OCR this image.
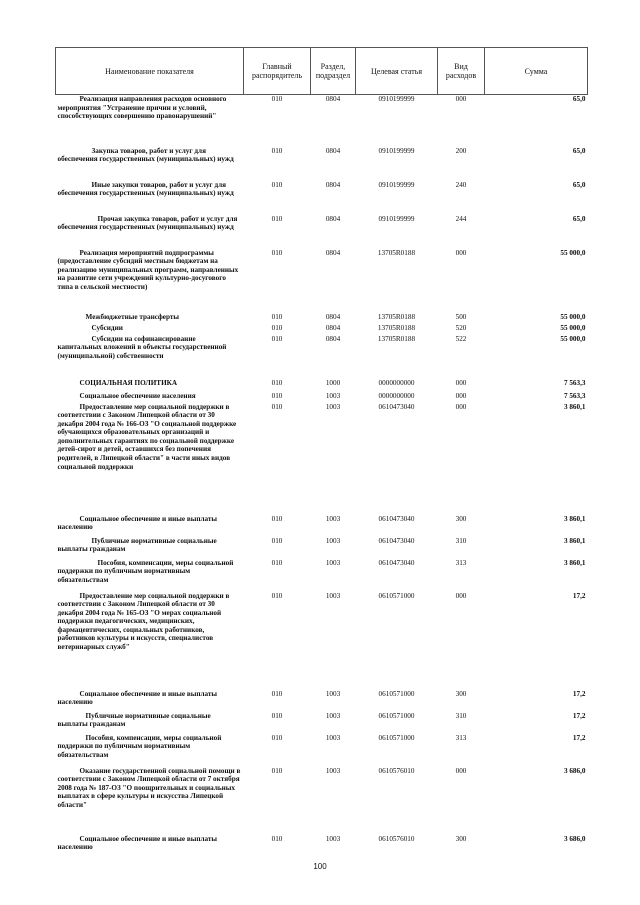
Наименование показателя	Главный распорядитель	Раздел, подраздел	Целевая статья	Вид расходов	Сумма
Реализация направления расходов основного мероприятия "Устранение причин и условий, способствующих совершению правонарушений"	010	0804	0910199999	000	65,0
Закупка товаров, работ и услуг для обеспечения государственных (муниципальных) нужд	010	0804	0910199999	200	65,0
Иные закупки товаров, работ и услуг для обеспечения государственных (муниципальных) нужд	010	0804	0910199999	240	65,0
Прочая закупка товаров, работ и услуг для обеспечения государственных (муниципальных) нужд	010	0804	0910199999	244	65,0
Реализация мероприятий подпрограммы (предоставление субсидий местным бюджетам на реализацию муниципальных программ, направленных на развитие сети учреждений культурно-досугового типа в сельской местности)	010	0804	13705R0188	000	55 000,0
Межбюджетные трансферты	010	0804	13705R0188	500	55 000,0
Субсидии	010	0804	13705R0188	520	55 000,0
Субсидии на софинансирование капитальных вложений в объекты государственной (муниципальной) собственности	010	0804	13705R0188	522	55 000,0
СОЦИАЛЬНАЯ ПОЛИТИКА	010	1000	0000000000	000	7 563,3
Социальное обеспечение населения	010	1003	0000000000	000	7 563,3
Предоставление мер социальной поддержки в соответствии с Законом Липецкой области от 30 декабря 2004 года № 166-ОЗ "О социальной поддержке обучающихся образовательных организаций и дополнительных гарантиях по социальной поддержке детей-сирот и детей, оставшихся без попечения родителей, в Липецкой области" в части иных видов социальной поддержки	010	1003	0610473040	000	3 860,1
Социальное обеспечение и иные выплаты населению	010	1003	0610473040	300	3 860,1
Публичные нормативные социальные выплаты гражданам	010	1003	0610473040	310	3 860,1
Пособия, компенсации, меры социальной поддержки по публичным нормативным обязательствам	010	1003	0610473040	313	3 860,1
Предоставление мер социальной поддержки в соответствии с Законом Липецкой области от 30 декабря 2004 года № 165-ОЗ "О мерах социальной поддержки педагогических, медицинских, фармацевтических, социальных работников, работников культуры и искусств, специалистов ветеринарных служб"	010	1003	0610571000	000	17,2
Социальное обеспечение и иные выплаты населению	010	1003	0610571000	300	17,2
Публичные нормативные социальные выплаты гражданам	010	1003	0610571000	310	17,2
Пособия, компенсации, меры социальной поддержки по публичным нормативным обязательствам	010	1003	0610571000	313	17,2
Оказание государственной социальной помощи в соответствии с Законом Липецкой области от 7 октября 2008 года № 187-ОЗ "О поощрительных и социальных выплатах в сфере культуры и искусства Липецкой области"	010	1003	0610576010	000	3 686,0
Социальное обеспечение и иные выплаты населению	010	1003	0610576010	300	3 686,0
100
